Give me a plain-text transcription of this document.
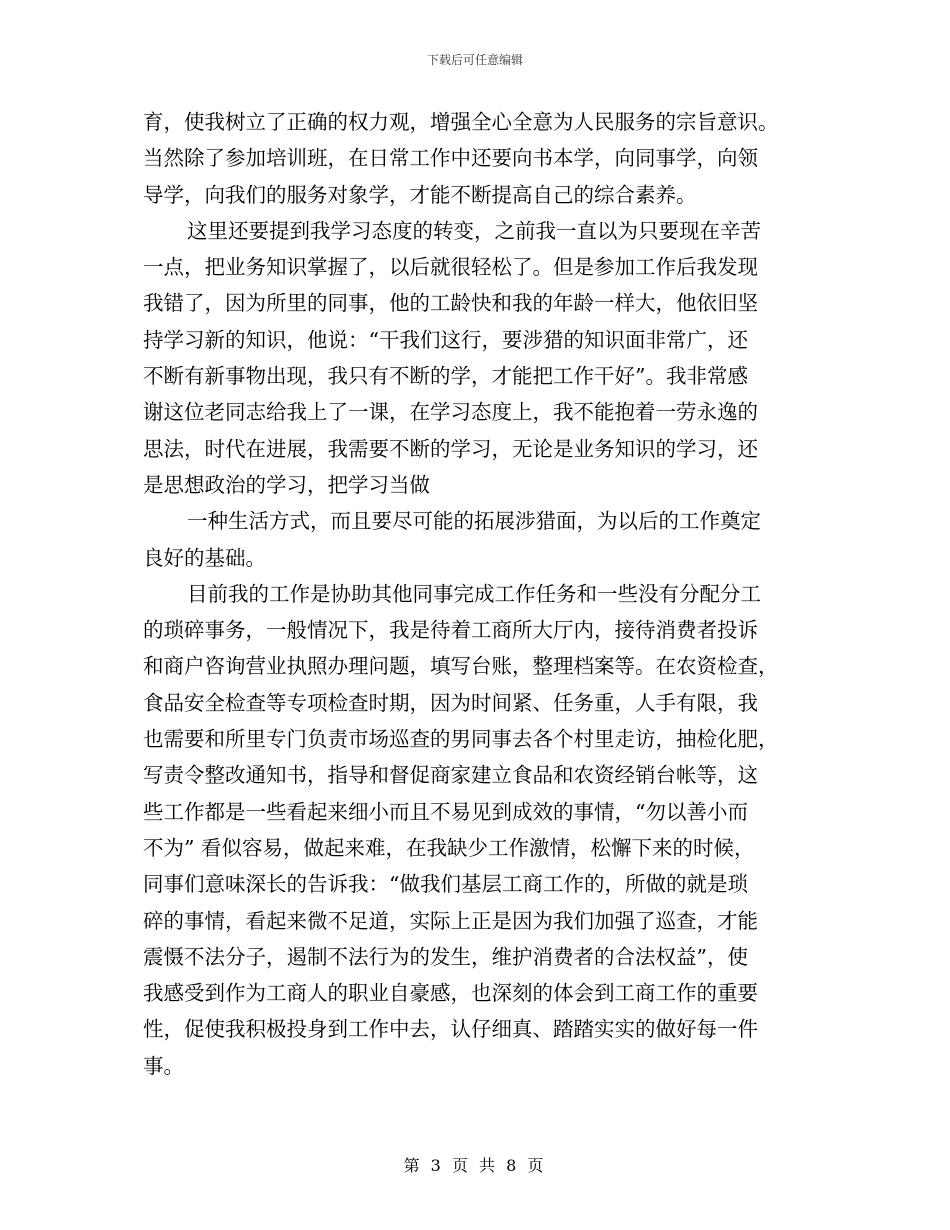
下载后可任意编辑
育，使我树立了正确的权力观，增强全心全意为人民服务的宗旨意识。
当然除了参加培训班，在日常工作中还要向书本学，向同事学，向领
导学，向我们的服务对象学，才能不断提高自己的综合素养。
这里还要提到我学习态度的转变，之前我一直以为只要现在辛苦
一点，把业务知识掌握了，以后就很轻松了。但是参加工作后我发现
我错了，因为所里的同事，他的工龄快和我的年龄一样大，他依旧坚
持学习新的知识，他说：“干我们这行，要涉猎的知识面非常广，还
不断有新事物出现，我只有不断的学，才能把工作干好”。我非常感
谢这位老同志给我上了一课，在学习态度上，我不能抱着一劳永逸的
思法，时代在进展，我需要不断的学习，无论是业务知识的学习，还
是思想政治的学习，把学习当做
一种生活方式，而且要尽可能的拓展涉猎面，为以后的工作奠定
良好的基础。
目前我的工作是协助其他同事完成工作任务和一些没有分配分工
的琐碎事务，一般情况下，我是待着工商所大厅内，接待消费者投诉
和商户咨询营业执照办理问题，填写台账，整理档案等。在农资检查，
食品安全检查等专项检查时期，因为时间紧、任务重，人手有限，我
也需要和所里专门负责市场巡查的男同事去各个村里走访，抽检化肥，
写责令整改通知书，指导和督促商家建立食品和农资经销台帐等，这
些工作都是一些看起来细小而且不易见到成效的事情，“勿以善小而
不为” 看似容易，做起来难，在我缺少工作激情，松懈下来的时候，
同事们意味深长的告诉我：“做我们基层工商工作的，所做的就是琐
碎的事情，看起来微不足道，实际上正是因为我们加强了巡查，才能
震慑不法分子，遏制不法行为的发生，维护消费者的合法权益”，使
我感受到作为工商人的职业自豪感，也深刻的体会到工商工作的重要
性，促使我积极投身到工作中去，认仔细真、踏踏实实的做好每一件
事。
第 3 页 共 8 页
